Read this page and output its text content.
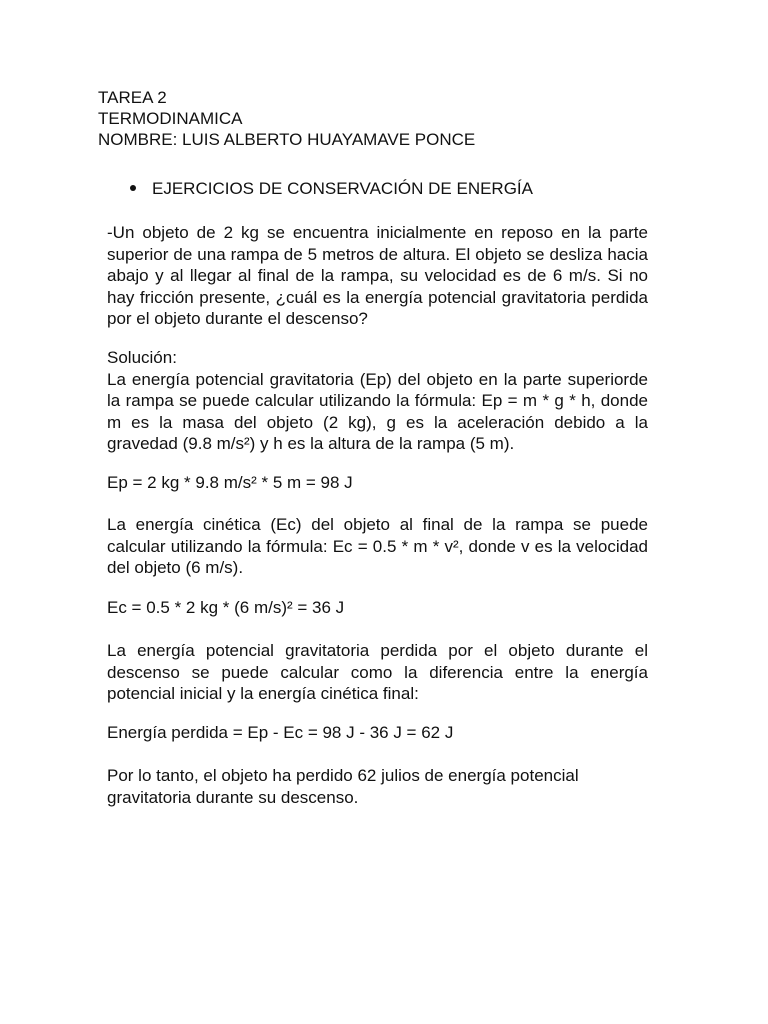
TAREA 2
TERMODINAMICA
NOMBRE: LUIS ALBERTO HUAYAMAVE PONCE
EJERCICIOS DE CONSERVACIÓN DE ENERGÍA

-Un objeto de 2 kg se encuentra inicialmente en reposo en la parte superior de una rampa de 5 metros de altura. El objeto se desliza hacia abajo y al llegar al final de la rampa, su velocidad es de 6 m/s. Si no hay fricción presente, ¿cuál es la energía potencial gravitatoria perdida por el objeto durante el descenso?

Solución:

La energía potencial gravitatoria (Ep) del objeto en la parte superiorde la rampa se puede calcular utilizando la fórmula: Ep = m * g * h, donde m es la masa del objeto (2 kg), g es la aceleración debido a la gravedad (9.8 m/s²) y h es la altura de la rampa (5 m).

Ep = 2 kg * 9.8 m/s² * 5 m = 98 J

La energía cinética (Ec) del objeto al final de la rampa se puede calcular utilizando la fórmula: Ec = 0.5 * m * v², donde v es la velocidad del objeto (6 m/s).

Ec = 0.5 * 2 kg * (6 m/s)² = 36 J

La energía potencial gravitatoria perdida por el objeto durante el descenso se puede calcular como la diferencia entre la energía potencial inicial y la energía cinética final:

Energía perdida = Ep - Ec = 98 J - 36 J = 62 J

Por lo tanto, el objeto ha perdido 62 julios de energía potencial gravitatoria durante su descenso.
